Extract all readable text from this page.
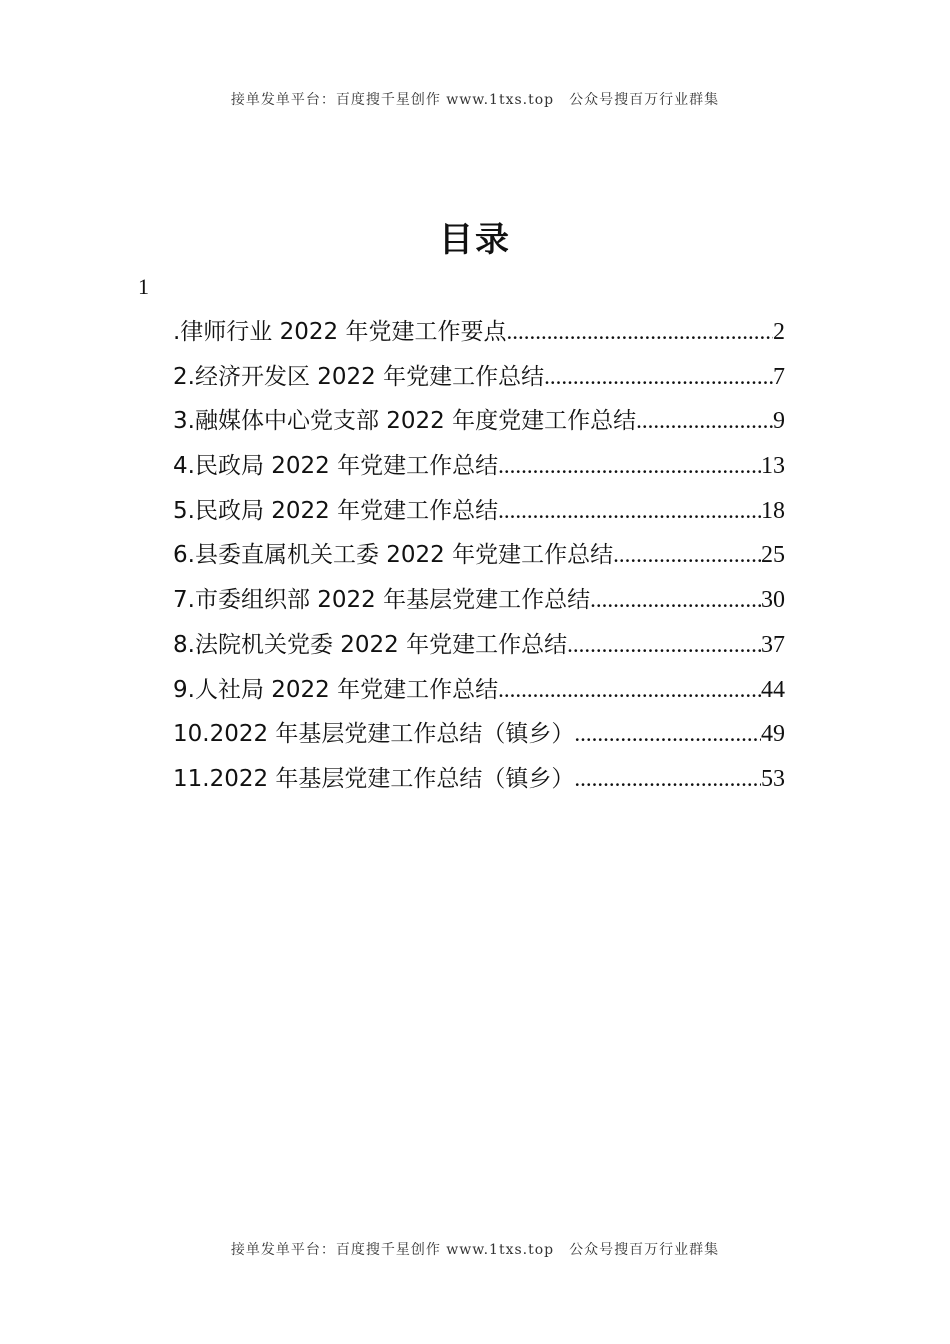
接单发单平台：百度搜千星创作 www.1txs.top　公众号搜百万行业群集
目录
1
.律师行业 2022 年党建工作要点 .....	2
2.经济开发区 2022 年党建工作总结 .....	7
3.融媒体中心党支部 2022 年度党建工作总结 .....	9
4.民政局 2022 年党建工作总结 .....	13
5.民政局 2022 年党建工作总结 .....	18
6.县委直属机关工委 2022 年党建工作总结 .....	25
7.市委组织部 2022 年基层党建工作总结 .....	30
8.法院机关党委 2022 年党建工作总结 .....	37
9.人社局 2022 年党建工作总结 .....	44
10.2022 年基层党建工作总结（镇乡） .....	49
11.2022 年基层党建工作总结（镇乡） .....	53
接单发单平台：百度搜千星创作 www.1txs.top　公众号搜百万行业群集
